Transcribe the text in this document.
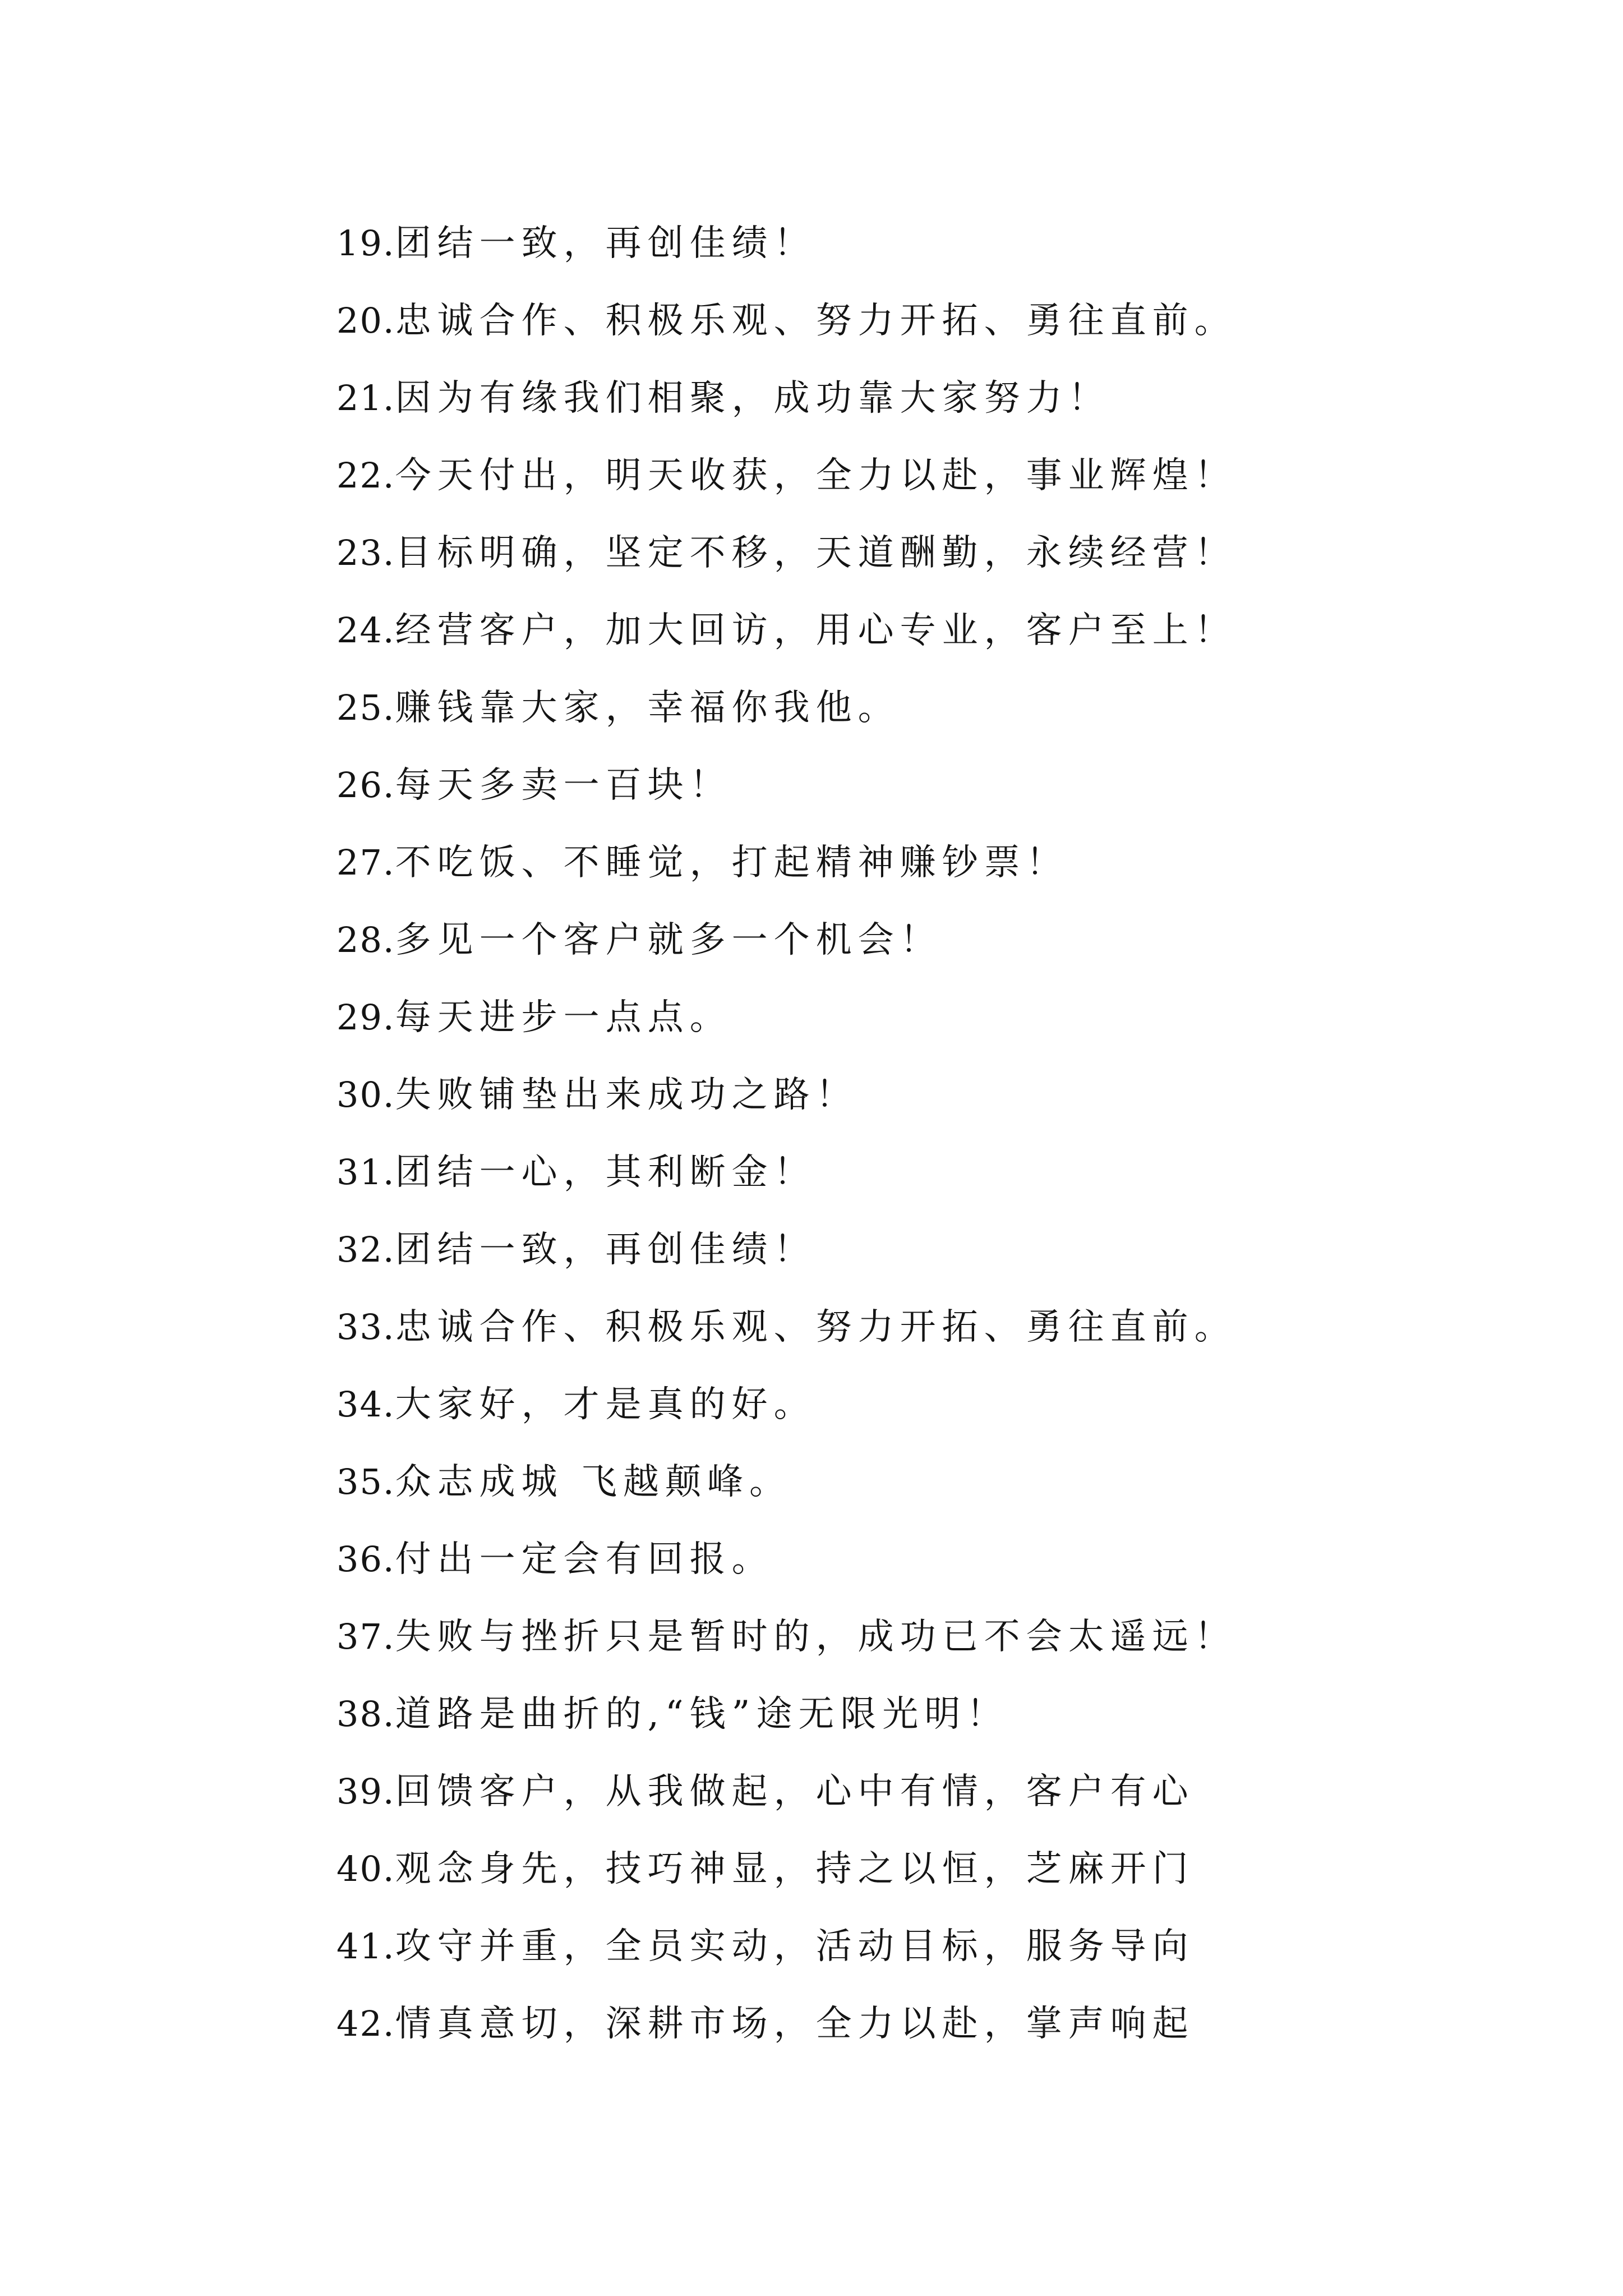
19.团结一致，再创佳绩！
20.忠诚合作、积极乐观、努力开拓、勇往直前。
21.因为有缘我们相聚，成功靠大家努力！
22.今天付出，明天收获，全力以赴，事业辉煌！
23.目标明确，坚定不移，天道酬勤，永续经营！
24.经营客户，加大回访，用心专业，客户至上！
25.赚钱靠大家，幸福你我他。
26.每天多卖一百块！
27.不吃饭、不睡觉，打起精神赚钞票！
28.多见一个客户就多一个机会！
29.每天进步一点点。
30.失败铺垫出来成功之路！
31.团结一心，其利断金！
32.团结一致，再创佳绩！
33.忠诚合作、积极乐观、努力开拓、勇往直前。
34.大家好，才是真的好。
35.众志成城 飞越颠峰。
36.付出一定会有回报。
37.失败与挫折只是暂时的，成功已不会太遥远！
38.道路是曲折的,“钱”途无限光明！
39.回馈客户，从我做起，心中有情，客户有心
40.观念身先，技巧神显，持之以恒，芝麻开门
41.攻守并重，全员实动，活动目标，服务导向
42.情真意切，深耕市场，全力以赴，掌声响起
